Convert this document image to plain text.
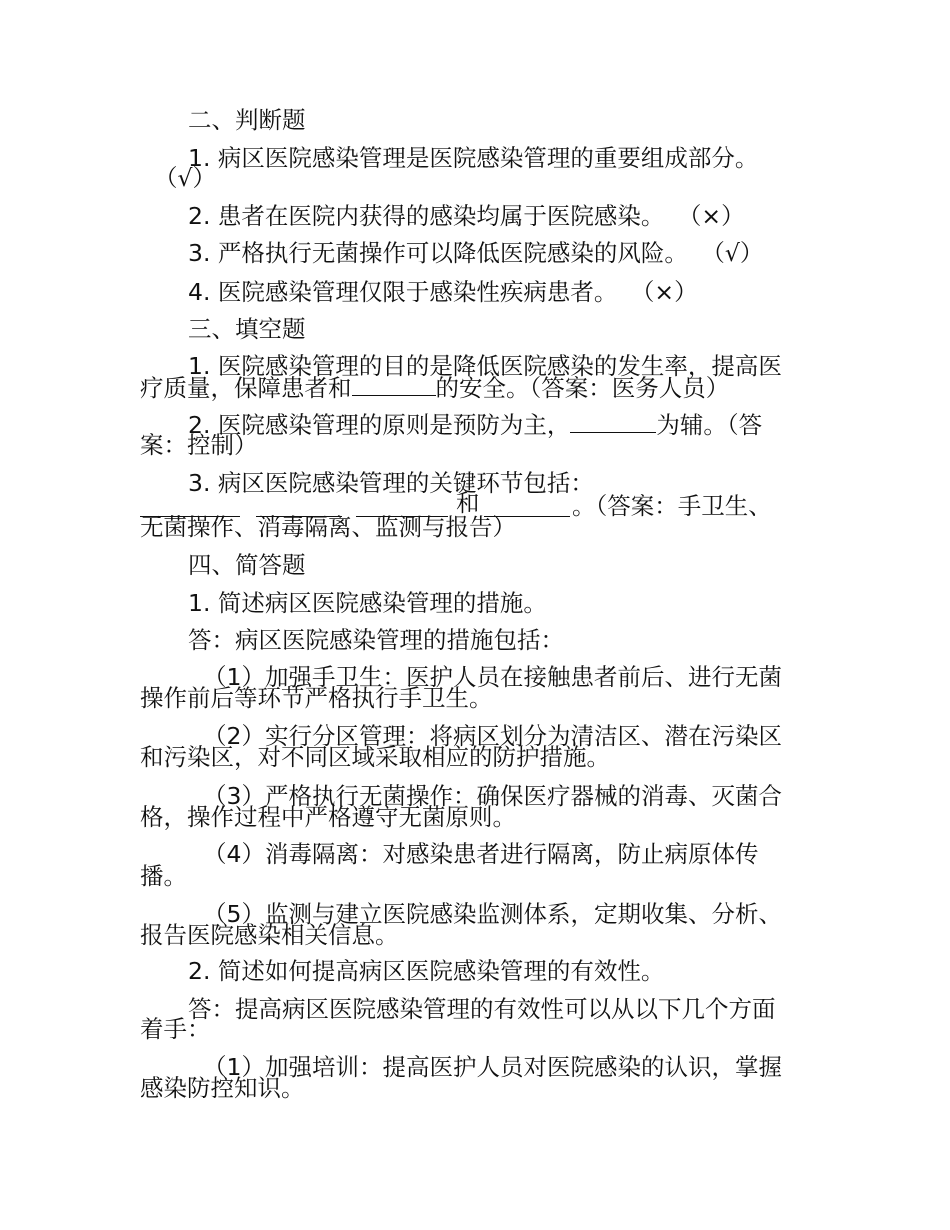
二、判断题
1. 病区医院感染管理是医院感染管理的重要组成部分。
（√）
2. 患者在医院内获得的感染均属于医院感染。 （×）
3. 严格执行无菌操作可以降低医院感染的风险。 （√）
4. 医院感染管理仅限于感染性疾病患者。 （×）
三、填空题
1. 医院感染管理的目的是降低医院感染的发生率，提高医
疗质量，保障患者和	的安全。（答案：医务人员）
2. 医院感染管理的原则是预防为主，	为辅。（答
案：控制）
3. 病区医院感染管理的关键环节包括：
和	。（答案：手卫生、
无菌操作、消毒隔离、监测与报告）
四、简答题
1. 简述病区医院感染管理的措施。
答：病区医院感染管理的措施包括：
（1）加强手卫生：医护人员在接触患者前后、进行无菌
操作前后等环节严格执行手卫生。
（2）实行分区管理：将病区划分为清洁区、潜在污染区
和污染区，对不同区域采取相应的防护措施。
（3）严格执行无菌操作：确保医疗器械的消毒、灭菌合
格，操作过程中严格遵守无菌原则。
（4）消毒隔离：对感染患者进行隔离，防止病原体传
播。
（5）监测与建立医院感染监测体系，定期收集、分析、
报告医院感染相关信息。
2. 简述如何提高病区医院感染管理的有效性。
答：提高病区医院感染管理的有效性可以从以下几个方面
着手：
（1）加强培训：提高医护人员对医院感染的认识，掌握
感染防控知识。
